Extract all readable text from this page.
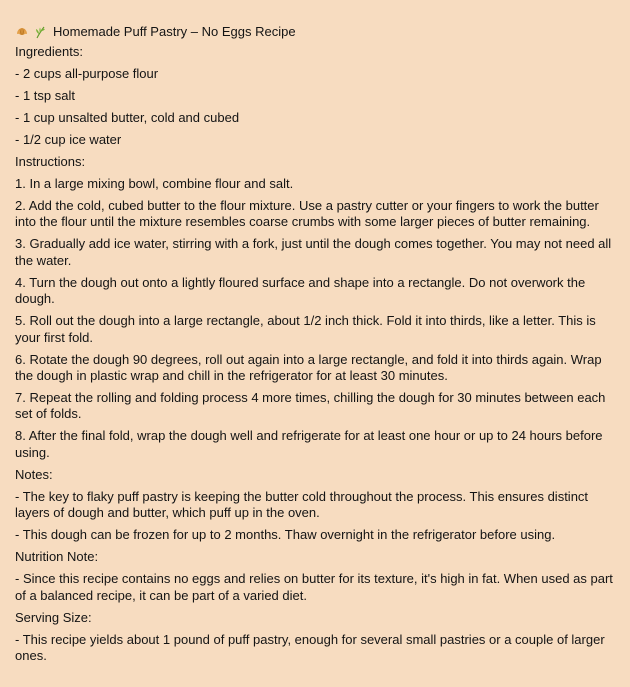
Homemade Puff Pastry – No Eggs Recipe

Ingredients:

- 2 cups all-purpose flour

- 1 tsp salt

- 1 cup unsalted butter, cold and cubed

- 1/2 cup ice water

Instructions:

1. In a large mixing bowl, combine flour and salt.

2. Add the cold, cubed butter to the flour mixture. Use a pastry cutter or your fingers to work the butter into the flour until the mixture resembles coarse crumbs with some larger pieces of butter remaining.

3. Gradually add ice water, stirring with a fork, just until the dough comes together. You may not need all the water.

4. Turn the dough out onto a lightly floured surface and shape into a rectangle. Do not overwork the dough.

5. Roll out the dough into a large rectangle, about 1/2 inch thick. Fold it into thirds, like a letter. This is your first fold.

6. Rotate the dough 90 degrees, roll out again into a large rectangle, and fold it into thirds again. Wrap the dough in plastic wrap and chill in the refrigerator for at least 30 minutes.

7. Repeat the rolling and folding process 4 more times, chilling the dough for 30 minutes between each set of folds.

8. After the final fold, wrap the dough well and refrigerate for at least one hour or up to 24 hours before using.

Notes:

- The key to flaky puff pastry is keeping the butter cold throughout the process. This ensures distinct layers of dough and butter, which puff up in the oven.

- This dough can be frozen for up to 2 months. Thaw overnight in the refrigerator before using.

Nutrition Note:

- Since this recipe contains no eggs and relies on butter for its texture, it's high in fat. When used as part of a balanced recipe, it can be part of a varied diet.

Serving Size:

- This recipe yields about 1 pound of puff pastry, enough for several small pastries or a couple of larger ones.
